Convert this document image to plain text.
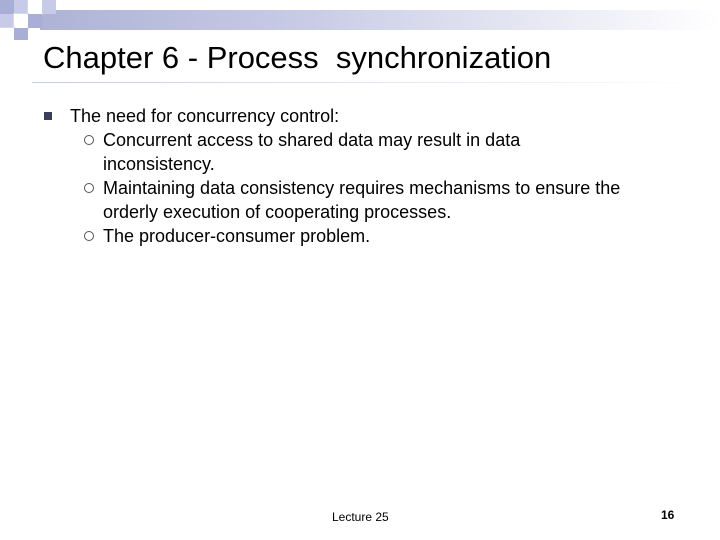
Chapter 6 - Process  synchronization
The need for concurrency control:
Concurrent access to shared data may result in data
inconsistency.
Maintaining data consistency requires mechanisms to ensure the
orderly execution of cooperating processes.
The producer-consumer problem.
Lecture 25	16
